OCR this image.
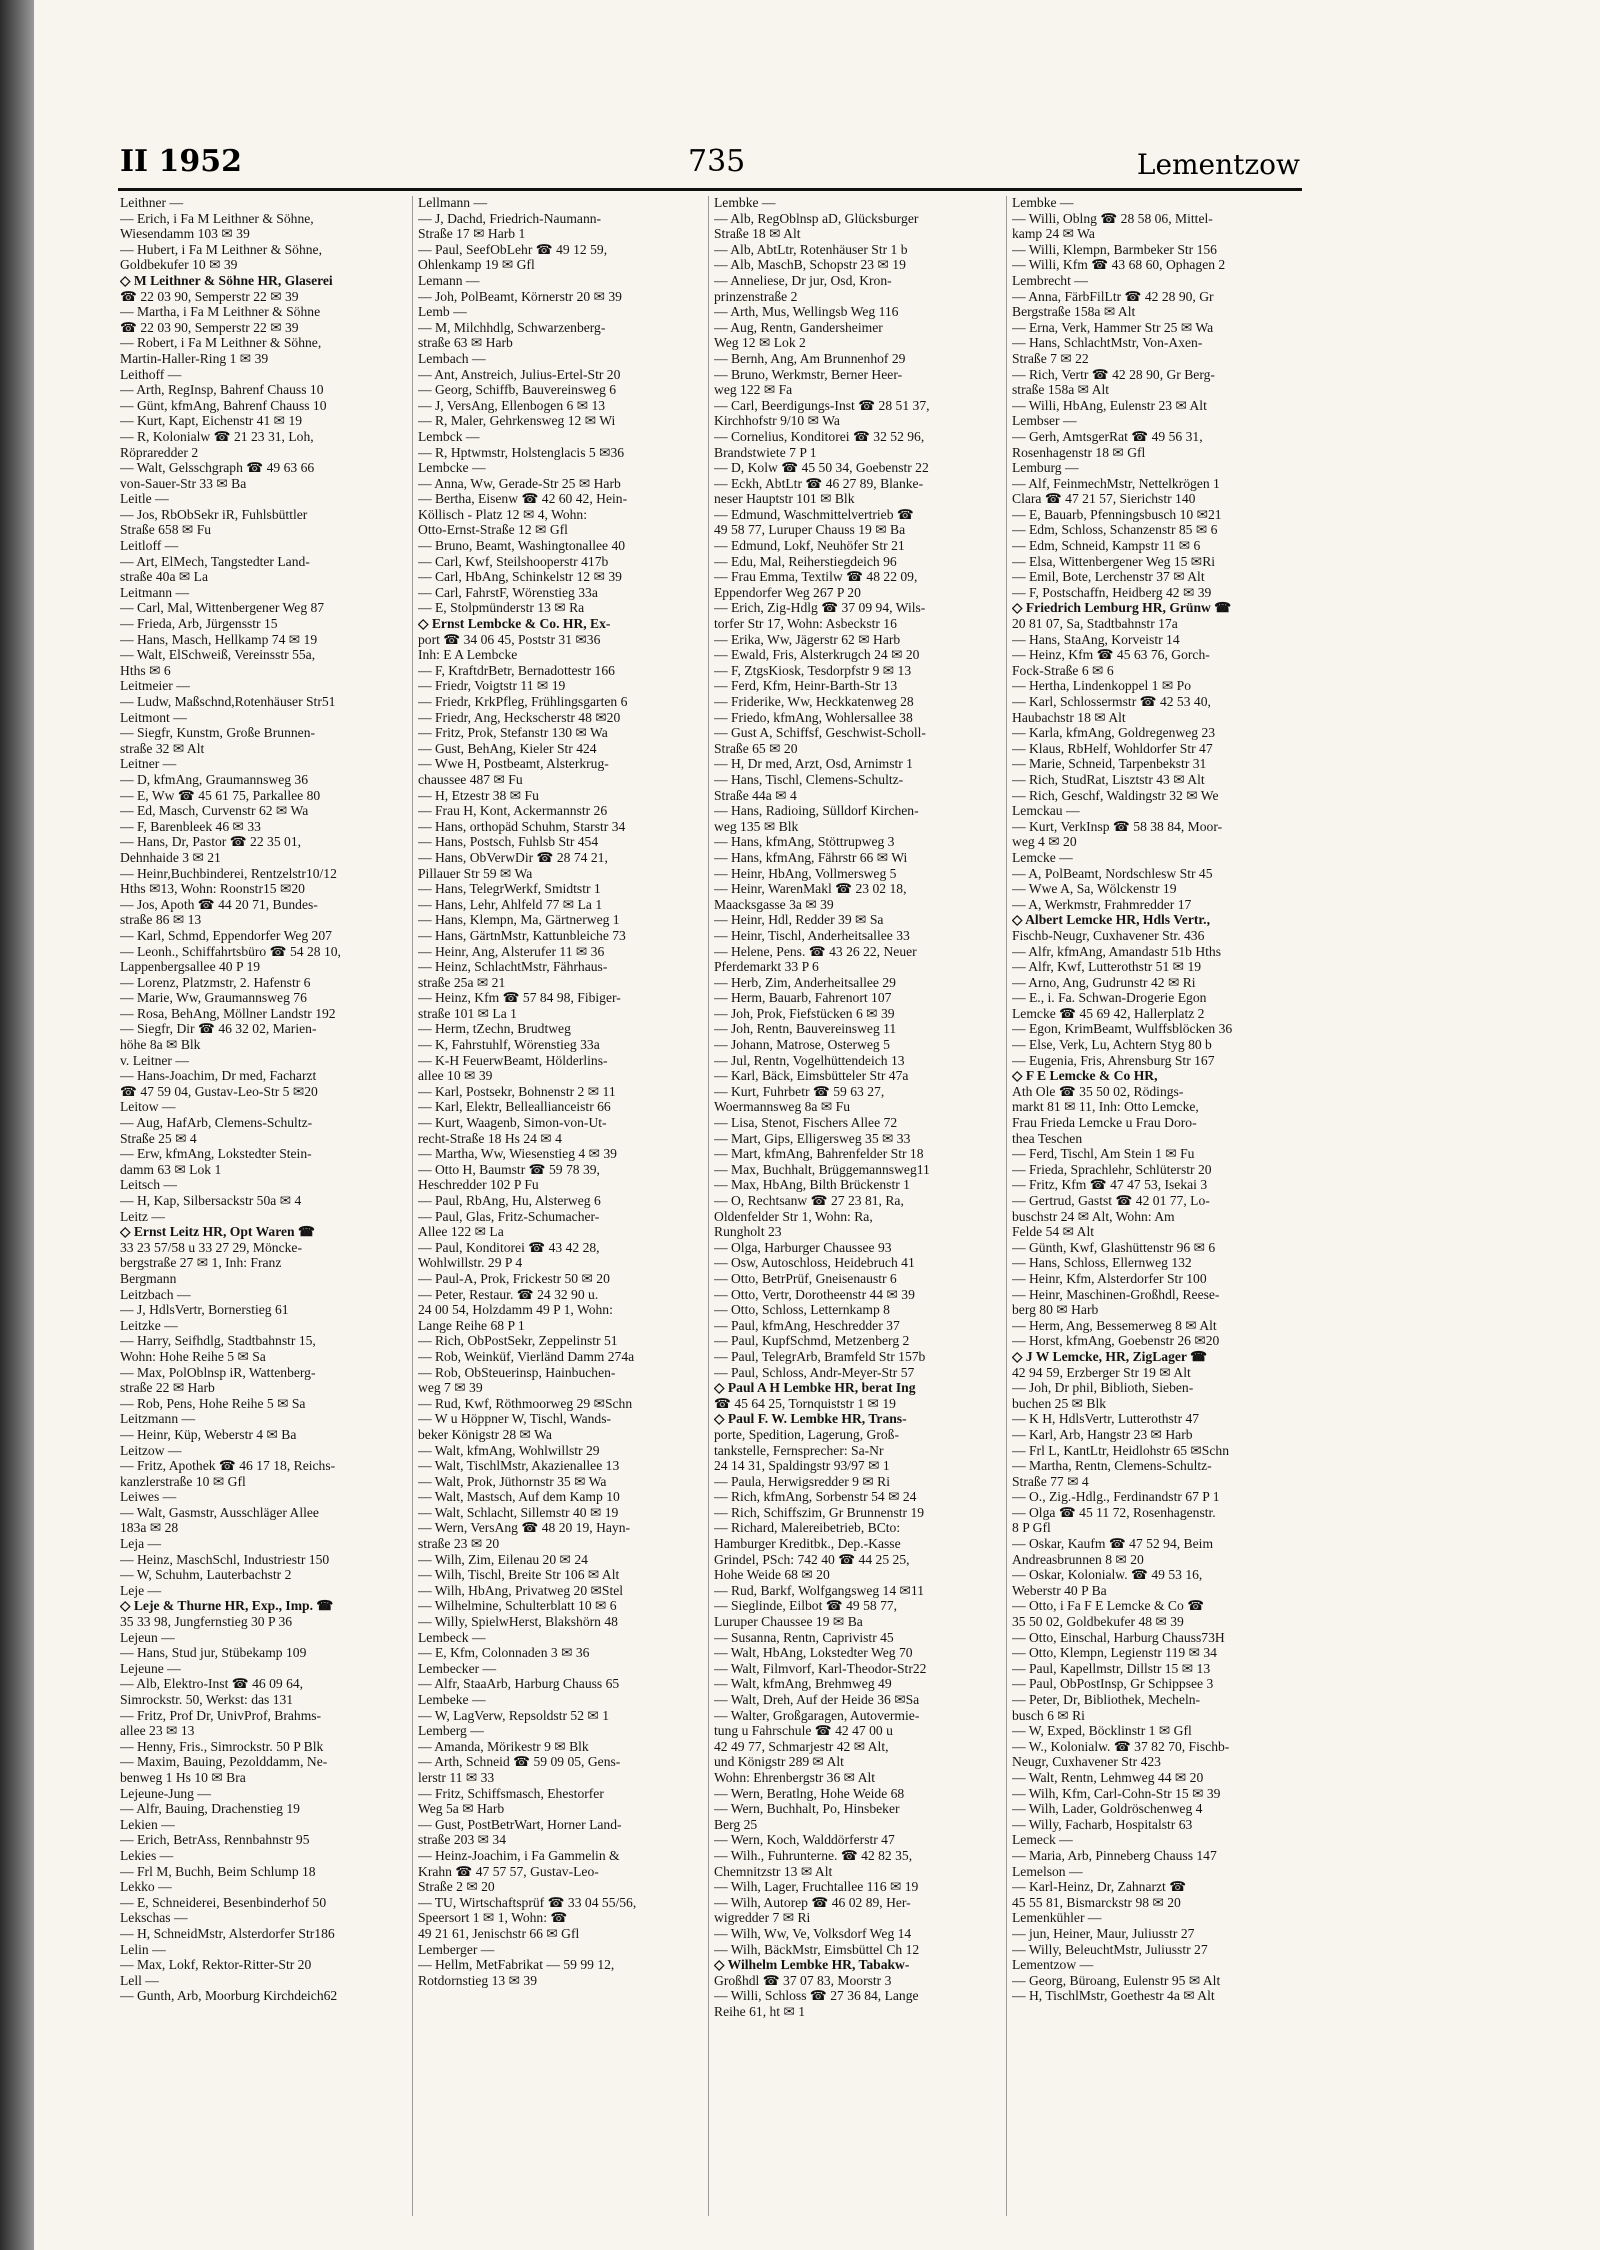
II 1952	735	Lementzow
Leithner —
— Erich, i Fa M Leithner & Söhne,
Wiesendamm 103 ✉ 39
— Hubert, i Fa M Leithner & Söhne,
Goldbekufer 10 ✉ 39
◇ M Leithner & Söhne HR, Glaserei
☎ 22 03 90, Semperstr 22 ✉ 39
— Martha, i Fa M Leithner & Söhne
☎ 22 03 90, Semperstr 22 ✉ 39
— Robert, i Fa M Leithner & Söhne,
Martin-Haller-Ring 1 ✉ 39
Leithoff —
— Arth, RegInsp, Bahrenf Chauss 10
— Günt, kfmAng, Bahrenf Chauss 10
— Kurt, Kapt, Eichenstr 41 ✉ 19
— R, Kolonialw ☎ 21 23 31, Loh,
Röpraredder 2
— Walt, Gelsschgraph ☎ 49 63 66
von-Sauer-Str 33 ✉ Ba
Leitle —
— Jos, RbObSekr iR, Fuhlsbüttler
Straße 658 ✉ Fu
Leitloff —
— Art, ElMech, Tangstedter Land-
straße 40a ✉ La
Leitmann —
— Carl, Mal, Wittenbergener Weg 87
— Frieda, Arb, Jürgensstr 15
— Hans, Masch, Hellkamp 74 ✉ 19
— Walt, ElSchweiß, Vereinsstr 55a,
Hths ✉ 6
Leitmeier —
— Ludw, Maßschnd,Rotenhäuser Str51
Leitmont —
— Siegfr, Kunstm, Große Brunnen-
straße 32 ✉ Alt
Leitner —
— D, kfmAng, Graumannsweg 36
— E, Ww ☎ 45 61 75, Parkallee 80
— Ed, Masch, Curvenstr 62 ✉ Wa
— F, Barenbleek 46 ✉ 33
— Hans, Dr, Pastor ☎ 22 35 01,
Dehnhaide 3 ✉ 21
— Heinr,Buchbinderei, Rentzelstr10/12
Hths ✉13, Wohn: Roonstr15 ✉20
— Jos, Apoth ☎ 44 20 71, Bundes-
straße 86 ✉ 13
— Karl, Schmd, Eppendorfer Weg 207
— Leonh., Schiffahrtsbüro ☎ 54 28 10,
Lappenbergsallee 40 P 19
— Lorenz, Platzmstr, 2. Hafenstr 6
— Marie, Ww, Graumannsweg 76
— Rosa, BehAng, Möllner Landstr 192
— Siegfr, Dir ☎ 46 32 02, Marien-
höhe 8a ✉ Blk
v. Leitner —
— Hans-Joachim, Dr med, Facharzt
☎ 47 59 04, Gustav-Leo-Str 5 ✉20
Leitow —
— Aug, HafArb, Clemens-Schultz-
Straße 25 ✉ 4
— Erw, kfmAng, Lokstedter Stein-
damm 63 ✉ Lok 1
Leitsch —
— H, Kap, Silbersackstr 50a ✉ 4
Leitz —
◇ Ernst Leitz HR, Opt Waren ☎
33 23 57/58 u 33 27 29, Möncke-
bergstraße 27 ✉ 1, Inh: Franz
Bergmann
Leitzbach —
— J, HdlsVertr, Bornerstieg 61
Leitzke —
— Harry, Seifhdlg, Stadtbahnstr 15,
Wohn: Hohe Reihe 5 ✉ Sa
— Max, PolOblnsp iR, Wattenberg-
straße 22 ✉ Harb
— Rob, Pens, Hohe Reihe 5 ✉ Sa
Leitzmann —
— Heinr, Küp, Weberstr 4 ✉ Ba
Leitzow —
— Fritz, Apothek ☎ 46 17 18, Reichs-
kanzlerstraße 10 ✉ Gfl
Leiwes —
— Walt, Gasmstr, Ausschläger Allee
183a ✉ 28
Leja —
— Heinz, MaschSchl, Industriestr 150
— W, Schuhm, Lauterbachstr 2
Leje —
◇ Leje & Thurne HR, Exp., Imp. ☎
35 33 98, Jungfernstieg 30 P 36
Lejeun —
— Hans, Stud jur, Stübekamp 109
Lejeune —
— Alb, Elektro-Inst ☎ 46 09 64,
Simrockstr. 50, Werkst: das 131
— Fritz, Prof Dr, UnivProf, Brahms-
allee 23 ✉ 13
— Henny, Fris., Simrockstr. 50 P Blk
— Maxim, Bauing, Pezolddamm, Ne-
benweg 1 Hs 10 ✉ Bra
Lejeune-Jung —
— Alfr, Bauing, Drachenstieg 19
Lekien —
— Erich, BetrAss, Rennbahnstr 95
Lekies —
— Frl M, Buchh, Beim Schlump 18
Lekko —
— E, Schneiderei, Besenbinderhof 50
Lekschas —
— H, SchneidMstr, Alsterdorfer Str186
Lelin —
— Max, Lokf, Rektor-Ritter-Str 20
Lell —
— Gunth, Arb, Moorburg Kirchdeich62
Lellmann —
— J, Dachd, Friedrich-Naumann-
Straße 17 ✉ Harb 1
— Paul, SeefObLehr ☎ 49 12 59,
Ohlenkamp 19 ✉ Gfl
Lemann —
— Joh, PolBeamt, Körnerstr 20 ✉ 39
Lemb —
— M, Milchhdlg, Schwarzenberg-
straße 63 ✉ Harb
Lembach —
— Ant, Anstreich, Julius-Ertel-Str 20
— Georg, Schiffb, Bauvereinsweg 6
— J, VersAng, Ellenbogen 6 ✉ 13
— R, Maler, Gehrkensweg 12 ✉ Wi
Lembck —
— R, Hptwmstr, Holstenglacis 5 ✉36
Lembcke —
— Anna, Ww, Gerade-Str 25 ✉ Harb
— Bertha, Eisenw ☎ 42 60 42, Hein-
Köllisch - Platz 12 ✉ 4, Wohn:
Otto-Ernst-Straße 12 ✉ Gfl
— Bruno, Beamt, Washingtonallee 40
— Carl, Kwf, Steilshooperstr 417b
— Carl, HbAng, Schinkelstr 12 ✉ 39
— Carl, FahrstF, Wörenstieg 33a
— E, Stolpmünderstr 13 ✉ Ra
◇ Ernst Lembcke & Co. HR, Ex-
port ☎ 34 06 45, Poststr 31 ✉36
Inh: E A Lembcke
— F, KraftdrBetr, Bernadottestr 166
— Friedr, Voigtstr 11 ✉ 19
— Friedr, KrkPfleg, Frühlingsgarten 6
— Friedr, Ang, Heckscherstr 48 ✉20
— Fritz, Prok, Stefanstr 130 ✉ Wa
— Gust, BehAng, Kieler Str 424
— Wwe H, Postbeamt, Alsterkrug-
chaussee 487 ✉ Fu
— H, Etzestr 38 ✉ Fu
— Frau H, Kont, Ackermannstr 26
— Hans, orthopäd Schuhm, Starstr 34
— Hans, Postsch, Fuhlsb Str 454
— Hans, ObVerwDir ☎ 28 74 21,
Pillauer Str 59 ✉ Wa
— Hans, TelegrWerkf, Smidtstr 1
— Hans, Lehr, Ahlfeld 77 ✉ La 1
— Hans, Klempn, Ma, Gärtnerweg 1
— Hans, GärtnMstr, Kattunbleiche 73
— Heinr, Ang, Alsterufer 11 ✉ 36
— Heinz, SchlachtMstr, Fährhaus-
straße 25a ✉ 21
— Heinz, Kfm ☎ 57 84 98, Fibiger-
straße 101 ✉ La 1
— Herm, tZechn, Brudtweg
— K, Fahrstuhlf, Wörenstieg 33a
— K-H FeuerwBeamt, Hölderlins-
allee 10 ✉ 39
— Karl, Postsekr, Bohnenstr 2 ✉ 11
— Karl, Elektr, Belleallianceistr 66
— Kurt, Waagenb, Simon-von-Ut-
recht-Straße 18 Hs 24 ✉ 4
— Martha, Ww, Wiesenstieg 4 ✉ 39
— Otto H, Baumstr ☎ 59 78 39,
Heschredder 102 P Fu
— Paul, RbAng, Hu, Alsterweg 6
— Paul, Glas, Fritz-Schumacher-
Allee 122 ✉ La
— Paul, Konditorei ☎ 43 42 28,
Wohlwillstr. 29 P 4
— Paul-A, Prok, Frickestr 50 ✉ 20
— Peter, Restaur. ☎ 24 32 90 u.
24 00 54, Holzdamm 49 P 1, Wohn:
Lange Reihe 68 P 1
— Rich, ObPostSekr, Zeppelinstr 51
— Rob, Weinküf, Vierländ Damm 274a
— Rob, ObSteuerinsp, Hainbuchen-
weg 7 ✉ 39
— Rud, Kwf, Röthmoorweg 29 ✉Schn
— W u Höppner W, Tischl, Wands-
beker Königstr 28 ✉ Wa
— Walt, kfmAng, Wohlwillstr 29
— Walt, TischlMstr, Akazienallee 13
— Walt, Prok, Jüthornstr 35 ✉ Wa
— Walt, Mastsch, Auf dem Kamp 10
— Walt, Schlacht, Sillemstr 40 ✉ 19
— Wern, VersAng ☎ 48 20 19, Hayn-
straße 23 ✉ 20
— Wilh, Zim, Eilenau 20 ✉ 24
— Wilh, Tischl, Breite Str 106 ✉ Alt
— Wilh, HbAng, Privatweg 20 ✉Stel
— Wilhelmine, Schulterblatt 10 ✉ 6
— Willy, SpielwHerst, Blakshörn 48
Lembeck —
— E, Kfm, Colonnaden 3 ✉ 36
Lembecker —
— Alfr, StaaArb, Harburg Chauss 65
Lembeke —
— W, LagVerw, Repsoldstr 52 ✉ 1
Lemberg —
— Amanda, Mörikestr 9 ✉ Blk
— Arth, Schneid ☎ 59 09 05, Gens-
lerstr 11 ✉ 33
— Fritz, Schiffsmasch, Ehestorfer
Weg 5a ✉ Harb
— Gust, PostBetrWart, Horner Land-
straße 203 ✉ 34
— Heinz-Joachim, i Fa Gammelin &
Krahn ☎ 47 57 57, Gustav-Leo-
Straße 2 ✉ 20
— TU, Wirtschaftsprüf ☎ 33 04 55/56,
Speersort 1 ✉ 1, Wohn: ☎
49 21 61, Jenischstr 66 ✉ Gfl
Lemberger —
— Hellm, MetFabrikat — 59 99 12,
Rotdornstieg 13 ✉ 39
Lembke —
— Alb, RegOblnsp aD, Glücksburger
Straße 18 ✉ Alt
— Alb, AbtLtr, Rotenhäuser Str 1 b
— Alb, MaschB, Schopstr 23 ✉ 19
— Anneliese, Dr jur, Osd, Kron-
prinzenstraße 2
— Arth, Mus, Wellingsb Weg 116
— Aug, Rentn, Gandersheimer
Weg 12 ✉ Lok 2
— Bernh, Ang, Am Brunnenhof 29
— Bruno, Werkmstr, Berner Heer-
weg 122 ✉ Fa
— Carl, Beerdigungs-Inst ☎ 28 51 37,
Kirchhofstr 9/10 ✉ Wa
— Cornelius, Konditorei ☎ 32 52 96,
Brandstwiete 7 P 1
— D, Kolw ☎ 45 50 34, Goebenstr 22
— Eckh, AbtLtr ☎ 46 27 89, Blanke-
neser Hauptstr 101 ✉ Blk
— Edmund, Waschmittelvertrieb ☎
49 58 77, Luruper Chauss 19 ✉ Ba
— Edmund, Lokf, Neuhöfer Str 21
— Edu, Mal, Reiherstiegdeich 96
— Frau Emma, Textilw ☎ 48 22 09,
Eppendorfer Weg 267 P 20
— Erich, Zig-Hdlg ☎ 37 09 94, Wils-
torfer Str 17, Wohn: Asbeckstr 16
— Erika, Ww, Jägerstr 62 ✉ Harb
— Ewald, Fris, Alsterkrugch 24 ✉ 20
— F, ZtgsKiosk, Tesdorpfstr 9 ✉ 13
— Ferd, Kfm, Heinr-Barth-Str 13
— Friderike, Ww, Heckkatenweg 28
— Friedo, kfmAng, Wohlersallee 38
— Gust A, Schiffsf, Geschwist-Scholl-
Straße 65 ✉ 20
— H, Dr med, Arzt, Osd, Arnimstr 1
— Hans, Tischl, Clemens-Schultz-
Straße 44a ✉ 4
— Hans, Radioing, Sülldorf Kirchen-
weg 135 ✉ Blk
— Hans, kfmAng, Stöttrupweg 3
— Hans, kfmAng, Fährstr 66 ✉ Wi
— Heinr, HbAng, Vollmersweg 5
— Heinr, WarenMakl ☎ 23 02 18,
Maacksgasse 3a ✉ 39
— Heinr, Hdl, Redder 39 ✉ Sa
— Heinr, Tischl, Anderheitsallee 33
— Helene, Pens. ☎ 43 26 22, Neuer
Pferdemarkt 33 P 6
— Herb, Zim, Anderheitsallee 29
— Herm, Bauarb, Fahrenort 107
— Joh, Prok, Fiefstücken 6 ✉ 39
— Joh, Rentn, Bauvereinsweg 11
— Johann, Matrose, Osterweg 5
— Jul, Rentn, Vogelhüttendeich 13
— Karl, Bäck, Eimsbütteler Str 47a
— Kurt, Fuhrbetr ☎ 59 63 27,
Woermannsweg 8a ✉ Fu
— Lisa, Stenot, Fischers Allee 72
— Mart, Gips, Elligersweg 35 ✉ 33
— Mart, kfmAng, Bahrenfelder Str 18
— Max, Buchhalt, Brüggemannsweg11
— Max, HbAng, Bilth Brückenstr 1
— O, Rechtsanw ☎ 27 23 81, Ra,
Oldenfelder Str 1, Wohn: Ra,
Rungholt 23
— Olga, Harburger Chaussee 93
— Osw, Autoschloss, Heidebruch 41
— Otto, BetrPrüf, Gneisenaustr 6
— Otto, Vertr, Dorotheenstr 44 ✉ 39
— Otto, Schloss, Letternkamp 8
— Paul, kfmAng, Heschredder 37
— Paul, KupfSchmd, Metzenberg 2
— Paul, TelegrArb, Bramfeld Str 157b
— Paul, Schloss, Andr-Meyer-Str 57
◇ Paul A H Lembke HR, berat Ing
☎ 45 64 25, Tornquiststr 1 ✉ 19
◇ Paul F. W. Lembke HR, Trans-
porte, Spedition, Lagerung, Groß-
tankstelle, Fernsprecher: Sa-Nr
24 14 31, Spaldingstr 93/97 ✉ 1
— Paula, Herwigsredder 9 ✉ Ri
— Rich, kfmAng, Sorbenstr 54 ✉ 24
— Rich, Schiffszim, Gr Brunnenstr 19
— Richard, Malereibetrieb, BCto:
Hamburger Kreditbk., Dep.-Kasse
Grindel, PSch: 742 40 ☎ 44 25 25,
Hohe Weide 68 ✉ 20
— Rud, Barkf, Wolfgangsweg 14 ✉11
— Sieglinde, Eilbot ☎ 49 58 77,
Luruper Chaussee 19 ✉ Ba
— Susanna, Rentn, Caprivistr 45
— Walt, HbAng, Lokstedter Weg 70
— Walt, Filmvorf, Karl-Theodor-Str22
— Walt, kfmAng, Brehmweg 49
— Walt, Dreh, Auf der Heide 36 ✉Sa
— Walter, Großgaragen, Autovermie-
tung u Fahrschule ☎ 42 47 00 u
42 49 77, Schmarjestr 42 ✉ Alt,
und Königstr 289 ✉ Alt
Wohn: Ehrenbergstr 36 ✉ Alt
— Wern, Beratlng, Hohe Weide 68
— Wern, Buchhalt, Po, Hinsbeker
Berg 25
— Wern, Koch, Walddörferstr 47
— Wilh., Fuhrunterne. ☎ 42 82 35,
Chemnitzstr 13 ✉ Alt
— Wilh, Lager, Fruchtallee 116 ✉ 19
— Wilh, Autorep ☎ 46 02 89, Her-
wigredder 7 ✉ Ri
— Wilh, Ww, Ve, Volksdorf Weg 14
— Wilh, BäckMstr, Eimsbüttel Ch 12
◇ Wilhelm Lembke HR, Tabakw-
Großhdl ☎ 37 07 83, Moorstr 3
— Willi, Schloss ☎ 27 36 84, Lange
Reihe 61, ht ✉ 1
Lembke —
— Willi, Oblng ☎ 28 58 06, Mittel-
kamp 24 ✉ Wa
— Willi, Klempn, Barmbeker Str 156
— Willi, Kfm ☎ 43 68 60, Ophagen 2
Lembrecht —
— Anna, FärbFilLtr ☎ 42 28 90, Gr
Bergstraße 158a ✉ Alt
— Erna, Verk, Hammer Str 25 ✉ Wa
— Hans, SchlachtMstr, Von-Axen-
Straße 7 ✉ 22
— Rich, Vertr ☎ 42 28 90, Gr Berg-
straße 158a ✉ Alt
— Willi, HbAng, Eulenstr 23 ✉ Alt
Lembser —
— Gerh, AmtsgerRat ☎ 49 56 31,
Rosenhagenstr 18 ✉ Gfl
Lemburg —
— Alf, FeinmechMstr, Nettelkrögen 1
Clara ☎ 47 21 57, Sierichstr 140
— E, Bauarb, Pfenningsbusch 10 ✉21
— Edm, Schloss, Schanzenstr 85 ✉ 6
— Edm, Schneid, Kampstr 11 ✉ 6
— Elsa, Wittenbergener Weg 15 ✉Ri
— Emil, Bote, Lerchenstr 37 ✉ Alt
— F, Postschaffn, Heidberg 42 ✉ 39
◇ Friedrich Lemburg HR, Grünw ☎
20 81 07, Sa, Stadtbahnstr 17a
— Hans, StaAng, Korveistr 14
— Heinz, Kfm ☎ 45 63 76, Gorch-
Fock-Straße 6 ✉ 6
— Hertha, Lindenkoppel 1 ✉ Po
— Karl, Schlossermstr ☎ 42 53 40,
Haubachstr 18 ✉ Alt
— Karla, kfmAng, Goldregenweg 23
— Klaus, RbHelf, Wohldorfer Str 47
— Marie, Schneid, Tarpenbekstr 31
— Rich, StudRat, Lisztstr 43 ✉ Alt
— Rich, Geschf, Waldingstr 32 ✉ We
Lemckau —
— Kurt, VerkInsp ☎ 58 38 84, Moor-
weg 4 ✉ 20
Lemcke —
— A, PolBeamt, Nordschlesw Str 45
— Wwe A, Sa, Wölckenstr 19
— A, Werkmstr, Frahmredder 17
◇ Albert Lemcke HR, Hdls Vertr.,
Fischb-Neugr, Cuxhavener Str. 436
— Alfr, kfmAng, Amandastr 51b Hths
— Alfr, Kwf, Lutterothstr 51 ✉ 19
— Arno, Ang, Gudrunstr 42 ✉ Ri
— E., i. Fa. Schwan-Drogerie Egon
Lemcke ☎ 45 69 42, Hallerplatz 2
— Egon, KrimBeamt, Wulffsblöcken 36
— Else, Verk, Lu, Achtern Styg 80 b
— Eugenia, Fris, Ahrensburg Str 167
◇ F E Lemcke & Co HR,
Ath Ole ☎ 35 50 02, Rödings-
markt 81 ✉ 11, Inh: Otto Lemcke,
Frau Frieda Lemcke u Frau Doro-
thea Teschen
— Ferd, Tischl, Am Stein 1 ✉ Fu
— Frieda, Sprachlehr, Schlüterstr 20
— Fritz, Kfm ☎ 47 47 53, Isekai 3
— Gertrud, Gastst ☎ 42 01 77, Lo-
buschstr 24 ✉ Alt, Wohn: Am
Felde 54 ✉ Alt
— Günth, Kwf, Glashüttenstr 96 ✉ 6
— Hans, Schloss, Ellernweg 132
— Heinr, Kfm, Alsterdorfer Str 100
— Heinr, Maschinen-Großhdl, Reese-
berg 80 ✉ Harb
— Herm, Ang, Bessemerweg 8 ✉ Alt
— Horst, kfmAng, Goebenstr 26 ✉20
◇ J W Lemcke, HR, ZigLager ☎
42 94 59, Erzberger Str 19 ✉ Alt
— Joh, Dr phil, Biblioth, Sieben-
buchen 25 ✉ Blk
— K H, HdlsVertr, Lutterothstr 47
— Karl, Arb, Hangstr 23 ✉ Harb
— Frl L, KantLtr, Heidlohstr 65 ✉Schn
— Martha, Rentn, Clemens-Schultz-
Straße 77 ✉ 4
— O., Zig.-Hdlg., Ferdinandstr 67 P 1
— Olga ☎ 45 11 72, Rosenhagenstr.
8 P Gfl
— Oskar, Kaufm ☎ 47 52 94, Beim
Andreasbrunnen 8 ✉ 20
— Oskar, Kolonialw. ☎ 49 53 16,
Weberstr 40 P Ba
— Otto, i Fa F E Lemcke & Co ☎
35 50 02, Goldbekufer 48 ✉ 39
— Otto, Einschal, Harburg Chauss73H
— Otto, Klempn, Legienstr 119 ✉ 34
— Paul, Kapellmstr, Dillstr 15 ✉ 13
— Paul, ObPostInsp, Gr Schippsee 3
— Peter, Dr, Bibliothek, Mecheln-
busch 6 ✉ Ri
— W, Exped, Böcklinstr 1 ✉ Gfl
— W., Kolonialw. ☎ 37 82 70, Fischb-
Neugr, Cuxhavener Str 423
— Walt, Rentn, Lehmweg 44 ✉ 20
— Wilh, Kfm, Carl-Cohn-Str 15 ✉ 39
— Wilh, Lader, Goldröschenweg 4
— Willy, Facharb, Hospitalstr 63
Lemeck —
— Maria, Arb, Pinneberg Chauss 147
Lemelson —
— Karl-Heinz, Dr, Zahnarzt ☎
45 55 81, Bismarckstr 98 ✉ 20
Lemenkühler —
— jun, Heiner, Maur, Juliusstr 27
— Willy, BeleuchtMstr, Juliusstr 27
Lementzow —
— Georg, Büroang, Eulenstr 95 ✉ Alt
— H, TischlMstr, Goethestr 4a ✉ Alt
